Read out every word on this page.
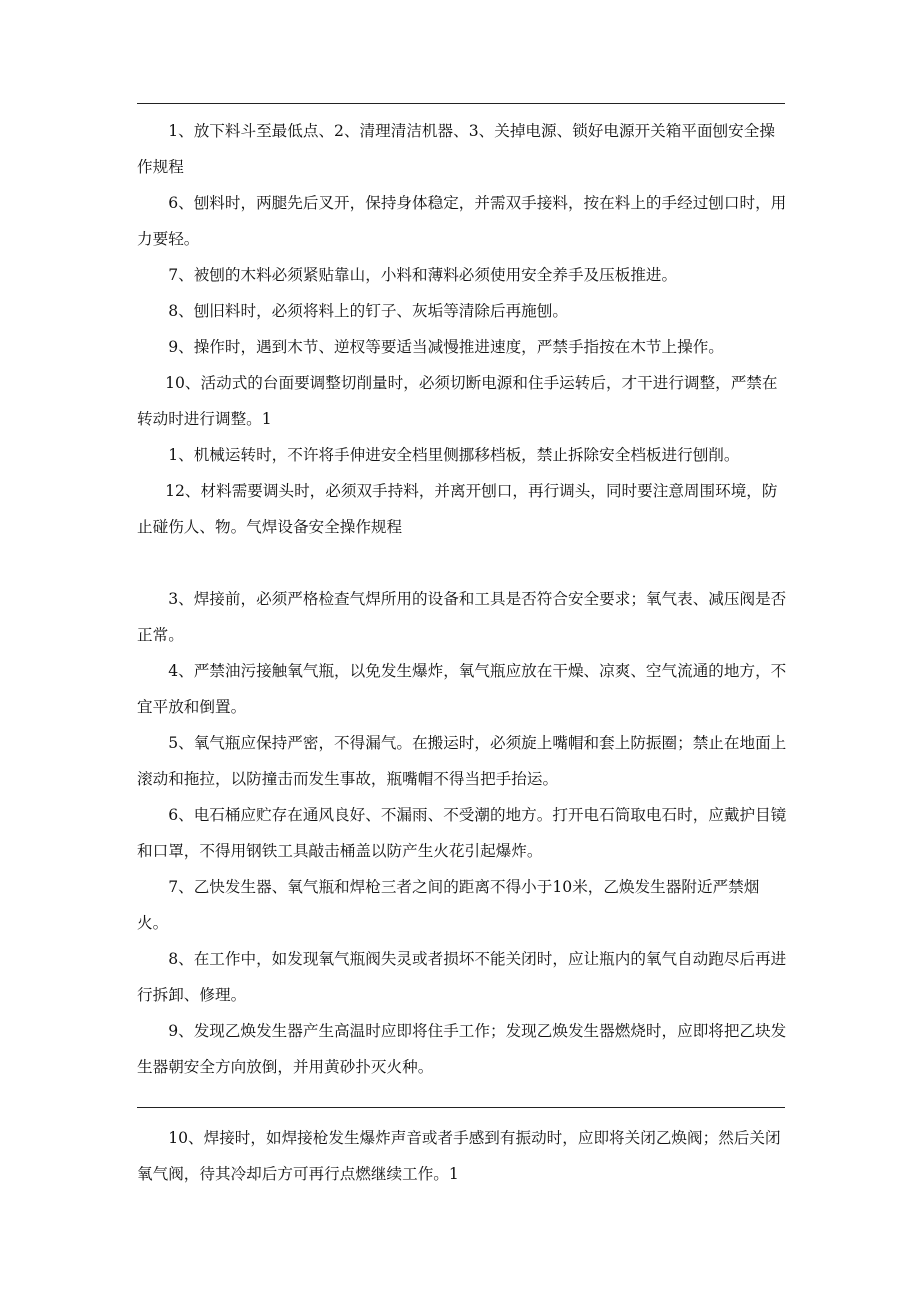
1、放下料斗至最低点、2、清理清洁机器、3、关掉电源、锁好电源开关箱平面刨安全操作规程

6、刨料时，两腿先后叉开，保持身体稳定，并需双手接料，按在料上的手经过刨口时，用力要轻。

7、被刨的木料必须紧贴靠山，小料和薄料必须使用安全养手及压板推进。

8、刨旧料时，必须将料上的钉子、灰垢等清除后再施刨。

9、操作时，遇到木节、逆杈等要适当减慢推进速度，严禁手指按在木节上操作。

10、活动式的台面要调整切削量时，必须切断电源和住手运转后，才干进行调整，严禁在转动时进行调整。1

1、机械运转时，不许将手伸进安全档里侧挪移档板，禁止拆除安全档板进行刨削。

12、材料需要调头时，必须双手持料，并离开刨口，再行调头，同时要注意周围环境，防止碰伤人、物。气焊设备安全操作规程

3、焊接前，必须严格检查气焊所用的设备和工具是否符合安全要求；氧气表、减压阀是否正常。

4、严禁油污接触氧气瓶，以免发生爆炸，氧气瓶应放在干燥、凉爽、空气流通的地方，不宜平放和倒置。

5、氧气瓶应保持严密，不得漏气。在搬运时，必须旋上嘴帽和套上防振圈；禁止在地面上滚动和拖拉，以防撞击而发生事故，瓶嘴帽不得当把手抬运。

6、电石桶应贮存在通风良好、不漏雨、不受潮的地方。打开电石筒取电石时，应戴护目镜和口罩，不得用钢铁工具敲击桶盖以防产生火花引起爆炸。

7、乙快发生器、氧气瓶和焊枪三者之间的距离不得小于10米，乙焕发生器附近严禁烟火。

8、在工作中，如发现氧气瓶阀失灵或者损坏不能关闭时，应让瓶内的氧气自动跑尽后再进行拆卸、修理。

9、发现乙焕发生器产生高温时应即将住手工作；发现乙焕发生器燃烧时，应即将把乙块发生器朝安全方向放倒，并用黄砂扑灭火种。

10、焊接时，如焊接枪发生爆炸声音或者手感到有振动时，应即将关闭乙焕阀；然后关闭氧气阀，待其冷却后方可再行点燃继续工作。1
